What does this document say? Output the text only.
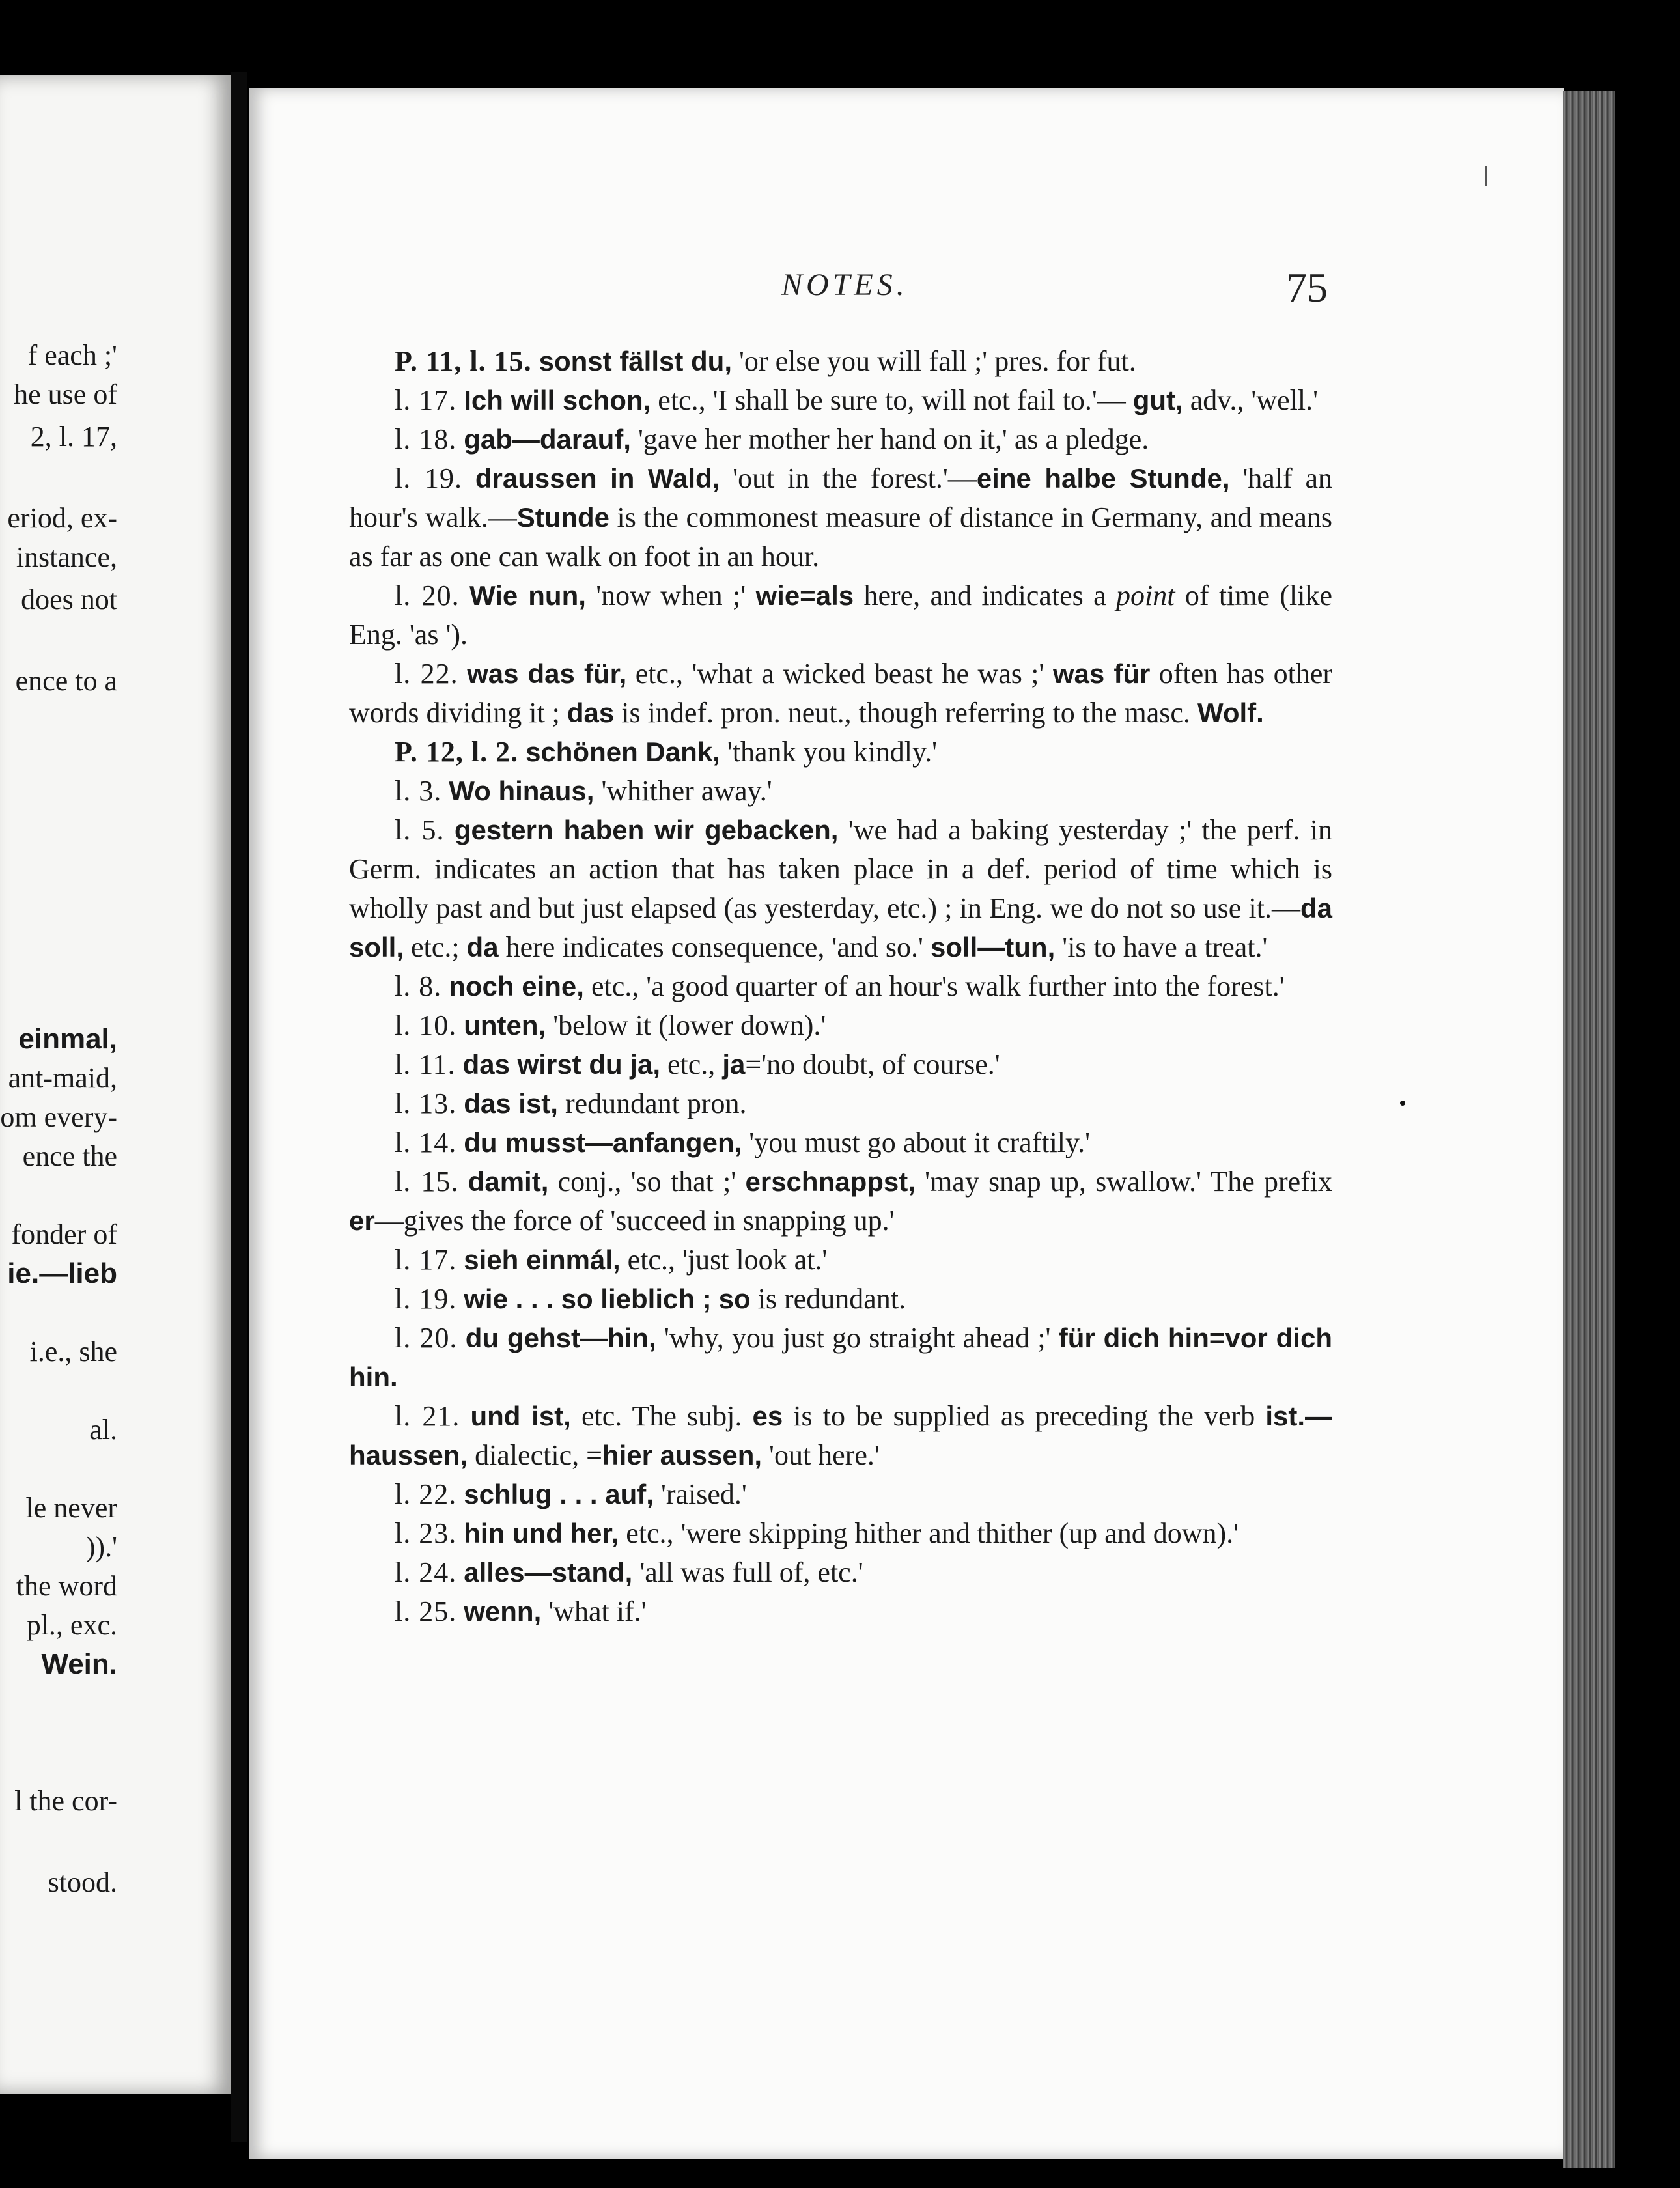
f each ;'
he use of
2, l. 17,
eriod, ex-
instance,
does not
ence to a
einmal,
ant-maid,
om every-
ence the
fonder of
ie.—lieb
i.e., she
al.
le never
)).'
the word
pl., exc.
Wein.
l the cor-
stood.
NOTES.	75

P. 11, l. 15. sonst fällst du, 'or else you will fall ;' pres. for fut.

l. 17. Ich will schon, etc., 'I shall be sure to, will not fail to.'— gut, adv., 'well.'

l. 18. gab—darauf, 'gave her mother her hand on it,' as a pledge.

l. 19. draussen in Wald, 'out in the forest.'—eine halbe Stunde, 'half an hour's walk.—Stunde is the commonest measure of distance in Germany, and means as far as one can walk on foot in an hour.

l. 20. Wie nun, 'now when ;' wie=als here, and indicates a point of time (like Eng. 'as ').

l. 22. was das für, etc., 'what a wicked beast he was ;' was für often has other words dividing it ; das is indef. pron. neut., though referring to the masc. Wolf.

P. 12, l. 2. schönen Dank, 'thank you kindly.'

l. 3. Wo hinaus, 'whither away.'

l. 5. gestern haben wir gebacken, 'we had a baking yesterday ;' the perf. in Germ. indicates an action that has taken place in a def. period of time which is wholly past and but just elapsed (as yesterday, etc.) ; in Eng. we do not so use it.—da soll, etc.; da here indicates consequence, 'and so.' soll—tun, 'is to have a treat.'

l. 8. noch eine, etc., 'a good quarter of an hour's walk further into the forest.'

l. 10. unten, 'below it (lower down).'

l. 11. das wirst du ja, etc., ja='no doubt, of course.'

l. 13. das ist, redundant pron.

l. 14. du musst—anfangen, 'you must go about it craftily.'

l. 15. damit, conj., 'so that ;' erschnappst, 'may snap up, swallow.' The prefix er—gives the force of 'succeed in snapping up.'

l. 17. sieh einmál, etc., 'just look at.'

l. 19. wie . . . so lieblich ; so is redundant.

l. 20. du gehst—hin, 'why, you just go straight ahead ;' für dich hin=vor dich hin.

l. 21. und ist, etc. The subj. es is to be supplied as preceding the verb ist.—haussen, dialectic, =hier aussen, 'out here.'

l. 22. schlug . . . auf, 'raised.'

l. 23. hin und her, etc., 'were skipping hither and thither (up and down).'

l. 24. alles—stand, 'all was full of, etc.'

l. 25. wenn, 'what if.'
